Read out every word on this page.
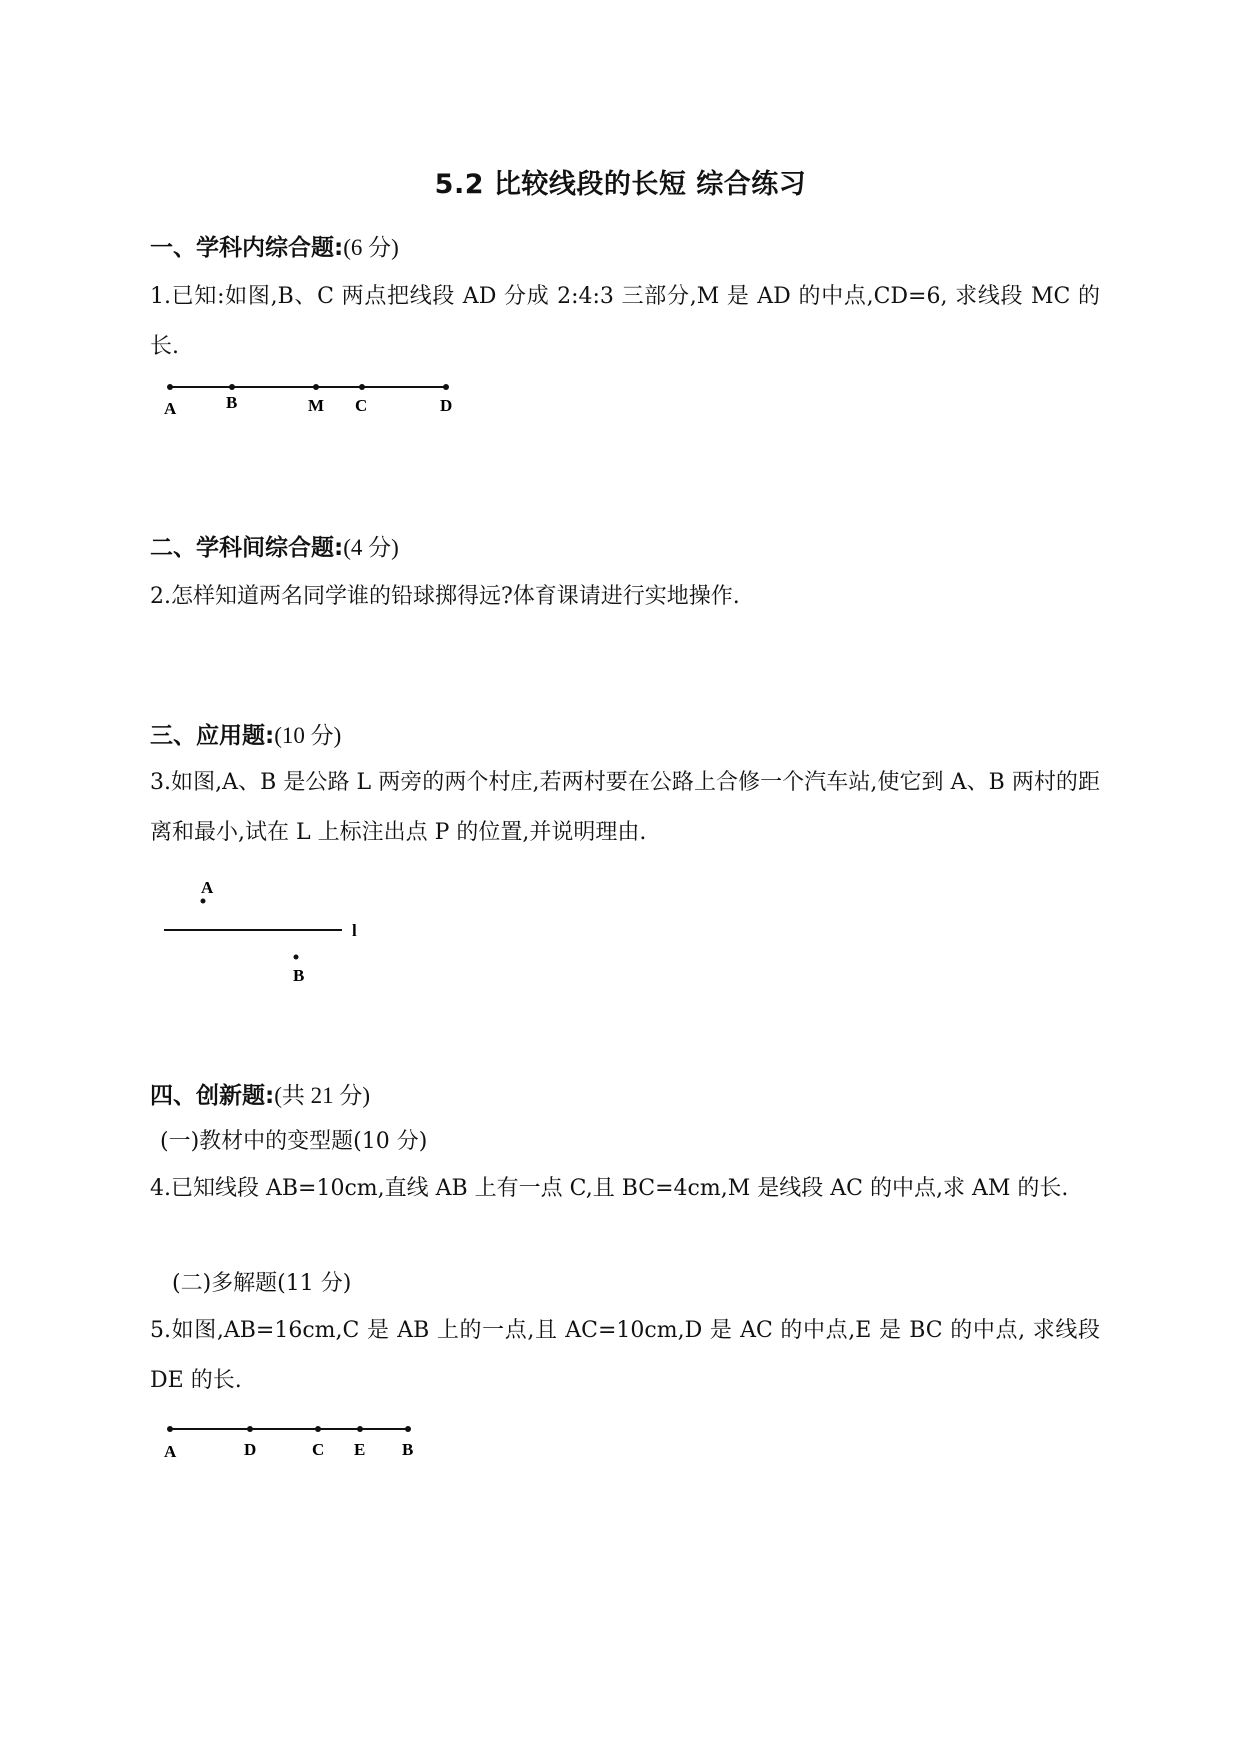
5.2 比较线段的长短 综合练习
一、学科内综合题:(6 分)
1.已知:如图,B、C 两点把线段 AD 分成 2:4:3 三部分,M 是 AD 的中点,CD=6, 求线段 MC 的长.
A	B	M C	D
二、学科间综合题:(4 分)
2.怎样知道两名同学谁的铅球掷得远?体育课请进行实地操作.
三、应用题:(10 分)
3.如图,A、B 是公路 L 两旁的两个村庄,若两村要在公路上合修一个汽车站,使它到 A、B 两村的距离和最小,试在 L 上标注出点 P 的位置,并说明理由.
A
B
l
四、创新题:(共 21 分)
(一)教材中的变型题(10 分)
4.已知线段 AB=10cm,直线 AB 上有一点 C,且 BC=4cm,M 是线段 AC 的中点,求 AM 的长.
(二)多解题(11 分)
5.如图,AB=16cm,C 是 AB 上的一点,且 AC=10cm,D 是 AC 的中点,E 是 BC 的中点, 求线段 DE 的长.
A	D	C E B
